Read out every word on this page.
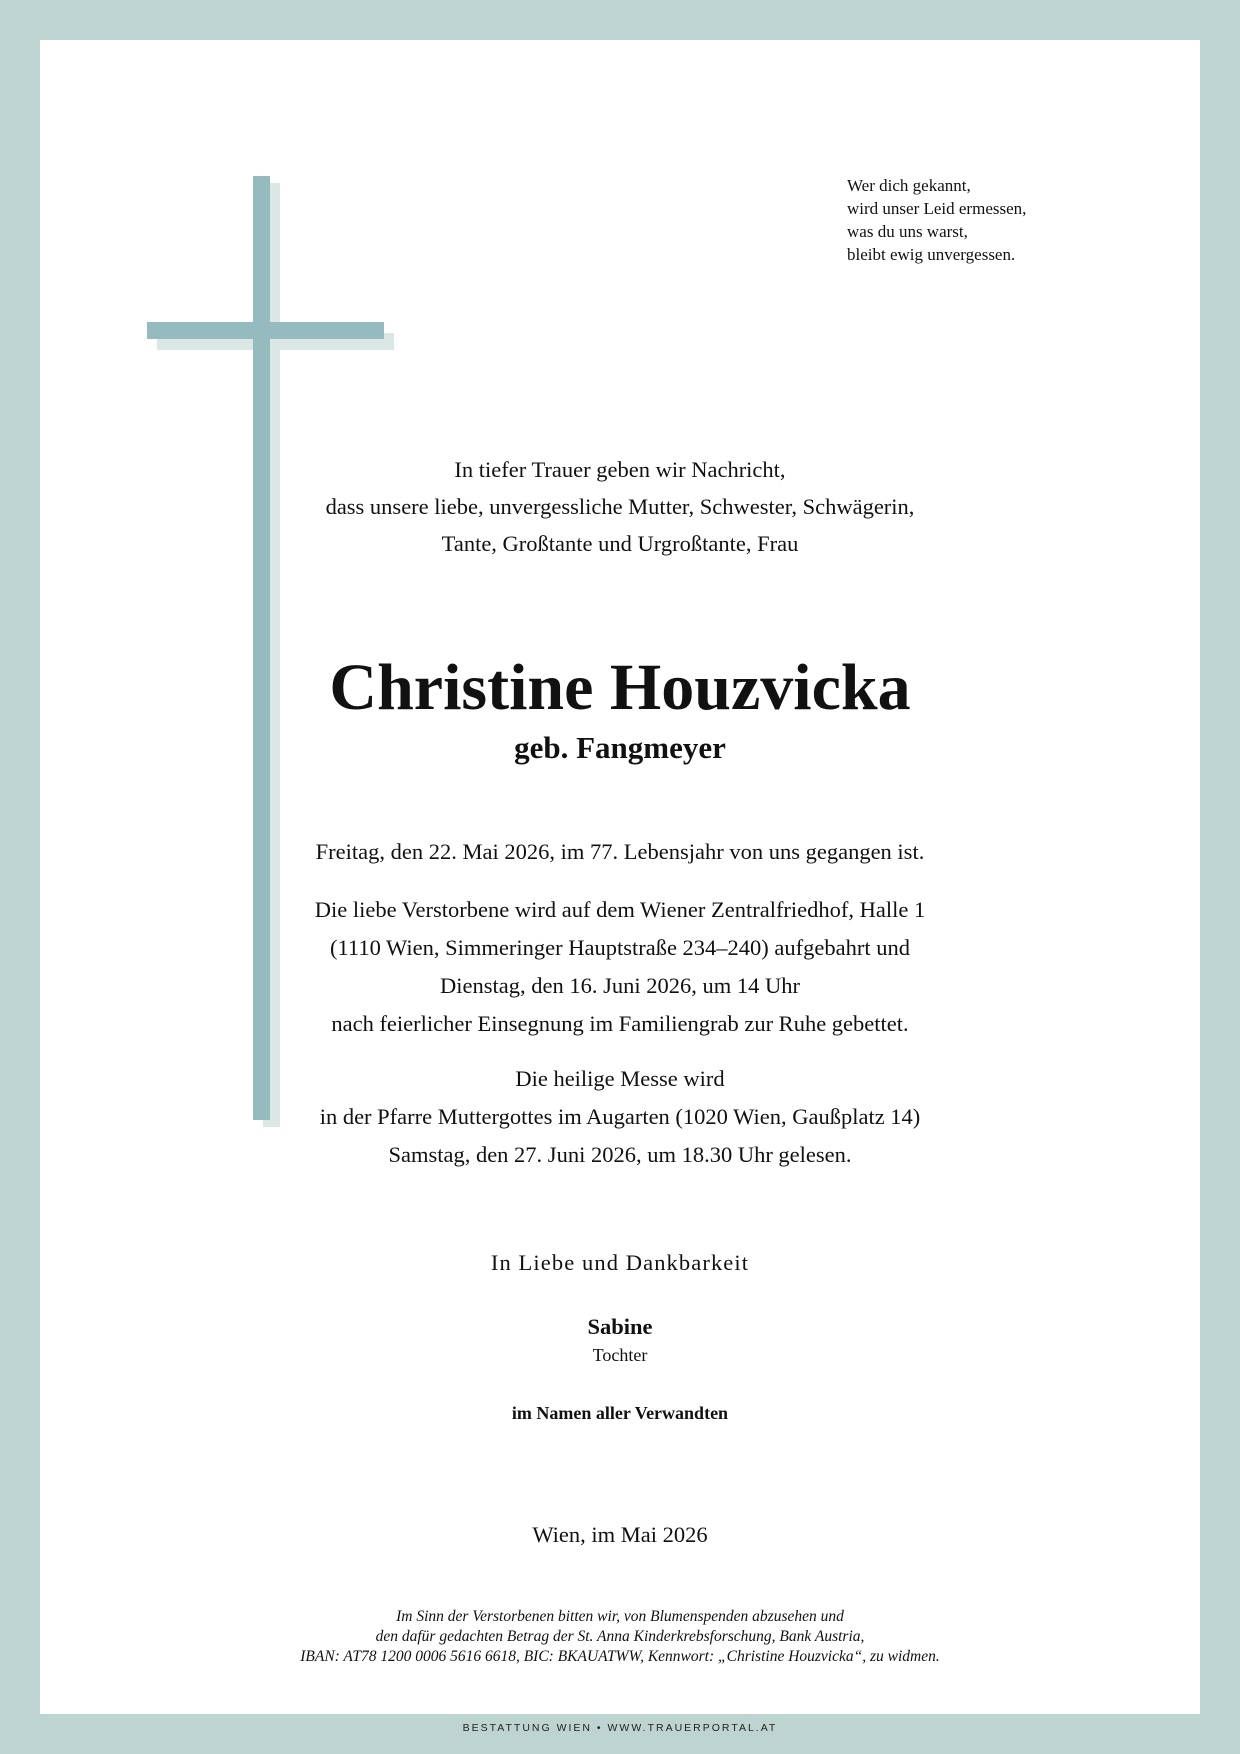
Wer dich gekannt,
wird unser Leid ermessen,
was du uns warst,
bleibt ewig unvergessen.
In tiefer Trauer geben wir Nachricht,
dass unsere liebe, unvergessliche Mutter, Schwester, Schwägerin,
Tante, Großtante und Urgroßtante, Frau
Christine Houzvicka
geb. Fangmeyer
Freitag, den 22. Mai 2026, im 77. Lebensjahr von uns gegangen ist.
Die liebe Verstorbene wird auf dem Wiener Zentralfriedhof, Halle 1
(1110 Wien, Simmeringer Hauptstraße 234–240) aufgebahrt und
Dienstag, den 16. Juni 2026, um 14 Uhr
nach feierlicher Einsegnung im Familiengrab zur Ruhe gebettet.
Die heilige Messe wird
in der Pfarre Muttergottes im Augarten (1020 Wien, Gaußplatz 14)
Samstag, den 27. Juni 2026, um 18.30 Uhr gelesen.
In Liebe und Dankbarkeit
Sabine
Tochter
im Namen aller Verwandten
Wien, im Mai 2026
Im Sinn der Verstorbenen bitten wir, von Blumenspenden abzusehen und
den dafür gedachten Betrag der St. Anna Kinderkrebsforschung, Bank Austria,
IBAN: AT78 1200 0006 5616 6618, BIC: BKAUATWW, Kennwort: „Christine Houzvicka“, zu widmen.
BESTATTUNG WIEN • WWW.TRAUERPORTAL.AT
